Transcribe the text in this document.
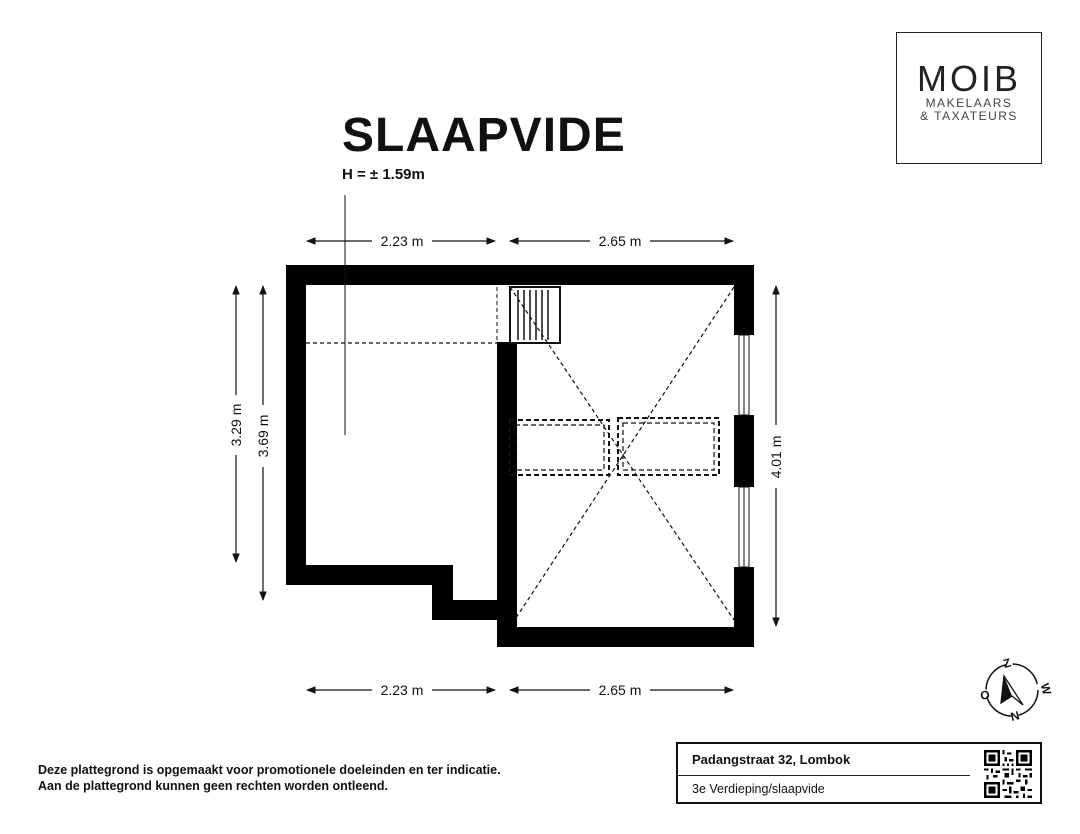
SLAAPVIDE
H = ± 1.59m
MOIB
MAKELAARS
& TAXATEURS
2.23 m	2.65 m
2.23 m	2.65 m
3.29 m 3.69 m	4.01 m
Z
W
N
O
Deze plattegrond is opgemaakt voor promotionele doeleinden en ter indicatie.
Aan de plattegrond kunnen geen rechten worden ontleend.
Padangstraat 32, Lombok
3e Verdieping/slaapvide
